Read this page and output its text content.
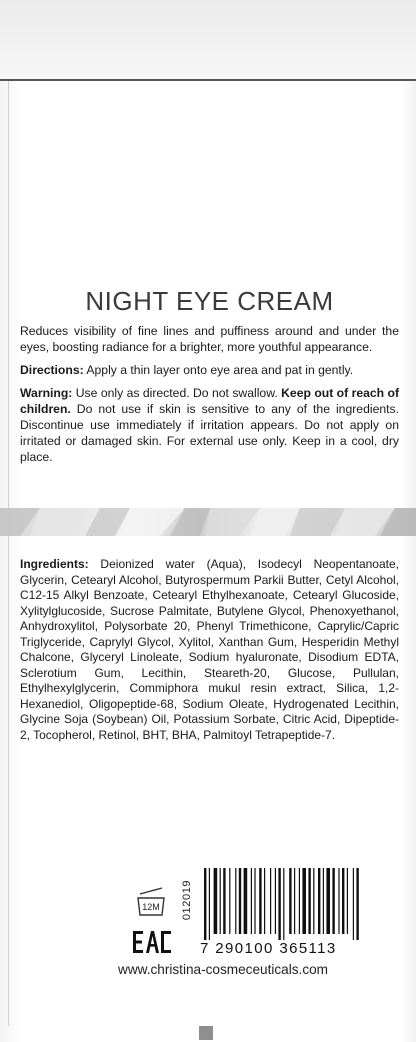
NIGHT EYE CREAM

Reduces visibility of fine lines and puffiness around and under the eyes, boosting radiance for a brighter, more youthful appearance.

Directions: Apply a thin layer onto eye area and pat in gently.

Warning: Use only as directed. Do not swallow. Keep out of reach of children. Do not use if skin is sensitive to any of the ingredients. Discontinue use immediately if irritation appears. Do not apply on irritated or damaged skin. For external use only. Keep in a cool, dry place.

Ingredients: Deionized water (Aqua), Isodecyl Neopentanoate, Glycerin, Cetearyl Alcohol, Butyrospermum Parkii Butter, Cetyl Alcohol, C12-15 Alkyl Benzoate, Cetearyl Ethylhexanoate, Cetearyl Glucoside, Xylitylglucoside, Sucrose Palmitate, Butylene Glycol, Phenoxyethanol, Anhydroxylitol, Polysorbate 20, Phenyl Trimethicone, Caprylic/Capric Triglyceride, Caprylyl Glycol, Xylitol, Xanthan Gum, Hesperidin Methyl Chalcone, Glyceryl Linoleate, Sodium hyaluronate, Disodium EDTA, Sclerotium Gum, Lecithin, Steareth-20, Glucose, Pullulan, Ethylhexylglycerin, Commiphora mukul resin extract, Silica, 1,2-Hexanediol, Oligopeptide-68, Sodium Oleate, Hydrogenated Lecithin, Glycine Soja (Soybean) Oil, Potassium Sorbate, Citric Acid, Dipeptide-2, Tocopherol, Retinol, BHT, BHA, Palmitoyl Tetrapeptide-7.

012019
12M
7 290100 365113
www.christina-cosmeceuticals.com
